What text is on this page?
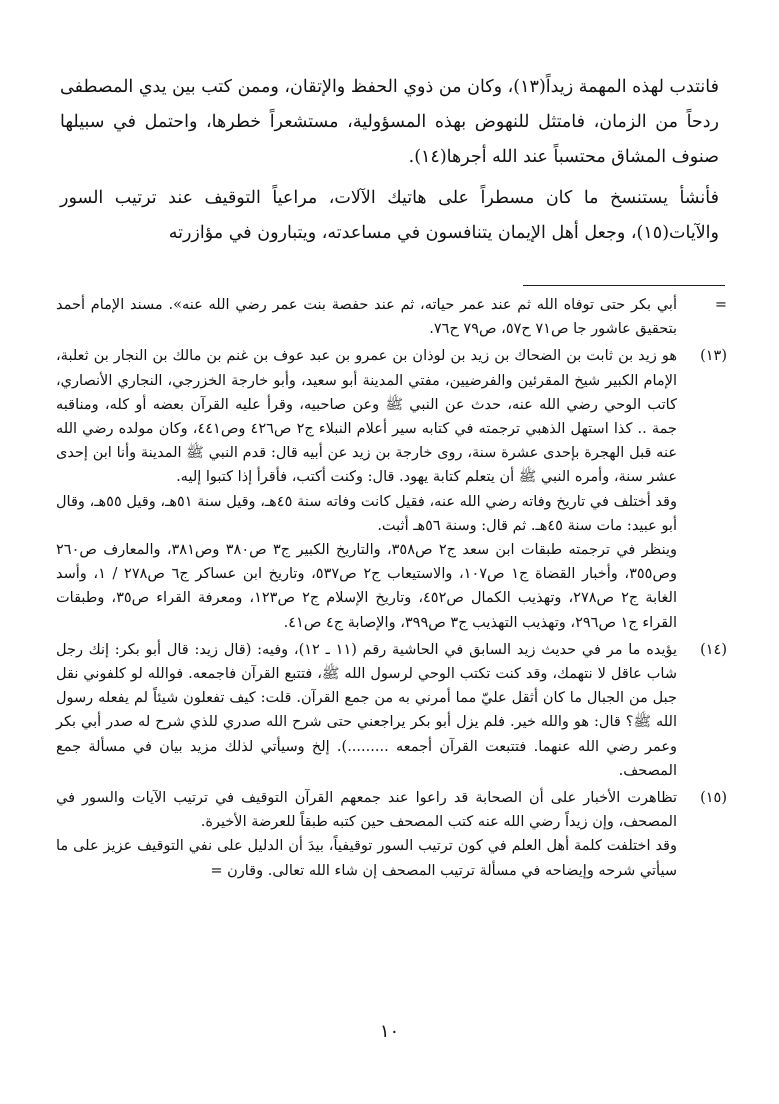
فانتدب لهذه المهمة زيداً(١٣)، وكان من ذوي الحفظ والإتقان، وممن كتب بين يدي المصطفى ردحاً من الزمان، فامتثل للنهوض بهذه المسؤولية، مستشعراً خطرها، واحتمل في سبيلها صنوف المشاق محتسباً عند الله أجرها(١٤).

فأنشأ يستنسخ ما كان مسطراً على هاتيك الآلات، مراعياً التوقيف عند ترتيب السور والآيات(١٥)، وجعل أهل الإيمان يتنافسون في مساعدته، ويتبارون في مؤازرته

=

أبي بكر حتى توفاه الله ثم عند عمر حياته، ثم عند حفصة بنت عمر رضي الله عنه». مسند الإمام أحمد بتحقيق عاشور جا ص٧١ ح٥٧، ص٧٩ ح٧٦.

(١٣)

هو زيد بن ثابت بن الضحاك بن زيد بن لوذان بن عمرو بن عبد عوف بن غنم بن مالك بن النجار بن ثعلبة، الإمام الكبير شيخ المقرئين والفرضيين، مفتي المدينة أبو سعيد، وأبو خارجة الخزرجي، النجاري الأنصاري، كاتب الوحي رضي الله عنه، حدث عن النبي ﷺ وعن صاحبيه، وقرأ عليه القرآن بعضه أو كله، ومناقبه جمة .. كذا استهل الذهبي ترجمته في كتابه سير أعلام النبلاء ج٢ ص٤٢٦ وص٤٤١، وكان مولده رضي الله عنه قبل الهجرة بإحدى عشرة سنة، روى خارجة بن زيد عن أبيه قال: قدم النبي ﷺ المدينة وأنا ابن إحدى عشر سنة، وأمره النبي ﷺ أن يتعلم كتابة يهود. قال: وكنت أكتب، فأقرأ إذا كتبوا إليه.

وقد أختلف في تاريخ وفاته رضي الله عنه، فقيل كانت وفاته سنة ٤٥هـ، وقيل سنة ٥١هـ، وقيل ٥٥هـ، وقال أبو عبيد: مات سنة ٤٥هـ. ثم قال: وسنة ٥٦هـ أثبت.

وينظر في ترجمته طبقات ابن سعد ج٢ ص٣٥٨، والتاريخ الكبير ج٣ ص٣٨٠ وص٣٨١، والمعارف ص٢٦٠ وص٣٥٥، وأخبار القضاة ج١ ص١٠٧، والاستيعاب ج٢ ص٥٣٧، وتاريخ ابن عساكر ج٦ ص٢٧٨ / ١، وأسد الغابة ج٢ ص٢٧٨، وتهذيب الكمال ص٤٥٢، وتاريخ الإسلام ج٢ ص١٢٣، ومعرفة القراء ص٣٥، وطبقات القراء ج١ ص٢٩٦، وتهذيب التهذيب ج٣ ص٣٩٩، والإصابة ج٤ ص٤١.

(١٤)

يؤيده ما مر في حديث زيد السابق في الحاشية رقم (١١ ـ ١٢)، وفيه: (قال زيد: قال أبو بكر: إنك رجل شاب عاقل لا نتهمك، وقد كنت تكتب الوحي لرسول الله ﷺ، فتتبع القرآن فاجمعه. فوالله لو كلفوني نقل جبل من الجبال ما كان أثقل عليّ مما أمرني به من جمع القرآن. قلت: كيف تفعلون شيئاً لم يفعله رسول الله ﷺ؟ قال: هو والله خير. فلم يزل أبو بكر يراجعني حتى شرح الله صدري للذي شرح له صدر أبي بكر وعمر رضي الله عنهما. فتتبعت القرآن أجمعه .........). إلخ وسيأتي لذلك مزيد بيان في مسألة جمع المصحف.

(١٥)

تظاهرت الأخبار على أن الصحابة قد راعوا عند جمعهم القرآن التوقيف في ترتيب الآيات والسور في المصحف، وإن زيداً رضي الله عنه كتب المصحف حين كتبه طبقاً للعرضة الأخيرة.

وقد اختلفت كلمة أهل العلم في كون ترتيب السور توقيفياً، بيدَ أن الدليل على نفي التوقيف عزيز على ما سيأتي شرحه وإيضاحه في مسألة ترتيب المصحف إن شاء الله تعالى. وقارن =

١٠
